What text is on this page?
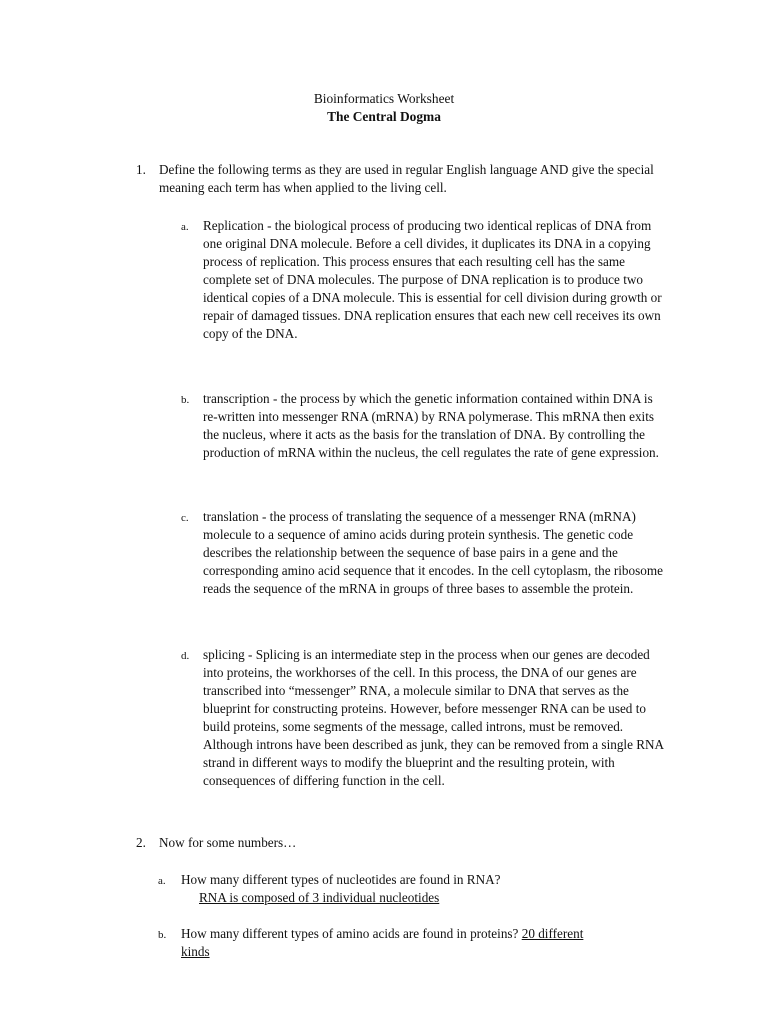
Bioinformatics Worksheet
The Central Dogma
1. Define the following terms as they are used in regular English language AND give the special meaning each term has when applied to the living cell.
a. Replication - the biological process of producing two identical replicas of DNA from one original DNA molecule. Before a cell divides, it duplicates its DNA in a copying process of replication. This process ensures that each resulting cell has the same complete set of DNA molecules. The purpose of DNA replication is to produce two identical copies of a DNA molecule. This is essential for cell division during growth or repair of damaged tissues. DNA replication ensures that each new cell receives its own copy of the DNA.
b. transcription - the process by which the genetic information contained within DNA is re-written into messenger RNA (mRNA) by RNA polymerase. This mRNA then exits the nucleus, where it acts as the basis for the translation of DNA. By controlling the production of mRNA within the nucleus, the cell regulates the rate of gene expression.
c. translation - the process of translating the sequence of a messenger RNA (mRNA) molecule to a sequence of amino acids during protein synthesis. The genetic code describes the relationship between the sequence of base pairs in a gene and the corresponding amino acid sequence that it encodes. In the cell cytoplasm, the ribosome reads the sequence of the mRNA in groups of three bases to assemble the protein.
d. splicing - Splicing is an intermediate step in the process when our genes are decoded into proteins, the workhorses of the cell. In this process, the DNA of our genes are transcribed into “messenger” RNA, a molecule similar to DNA that serves as the blueprint for constructing proteins. However, before messenger RNA can be used to build proteins, some segments of the message, called introns, must be removed. Although introns have been described as junk, they can be removed from a single RNA strand in different ways to modify the blueprint and the resulting protein, with consequences of differing function in the cell.
2. Now for some numbers…
a. How many different types of nucleotides are found in RNA?
RNA is composed of 3 individual nucleotides
b. How many different types of amino acids are found in proteins? 20 different
kinds
